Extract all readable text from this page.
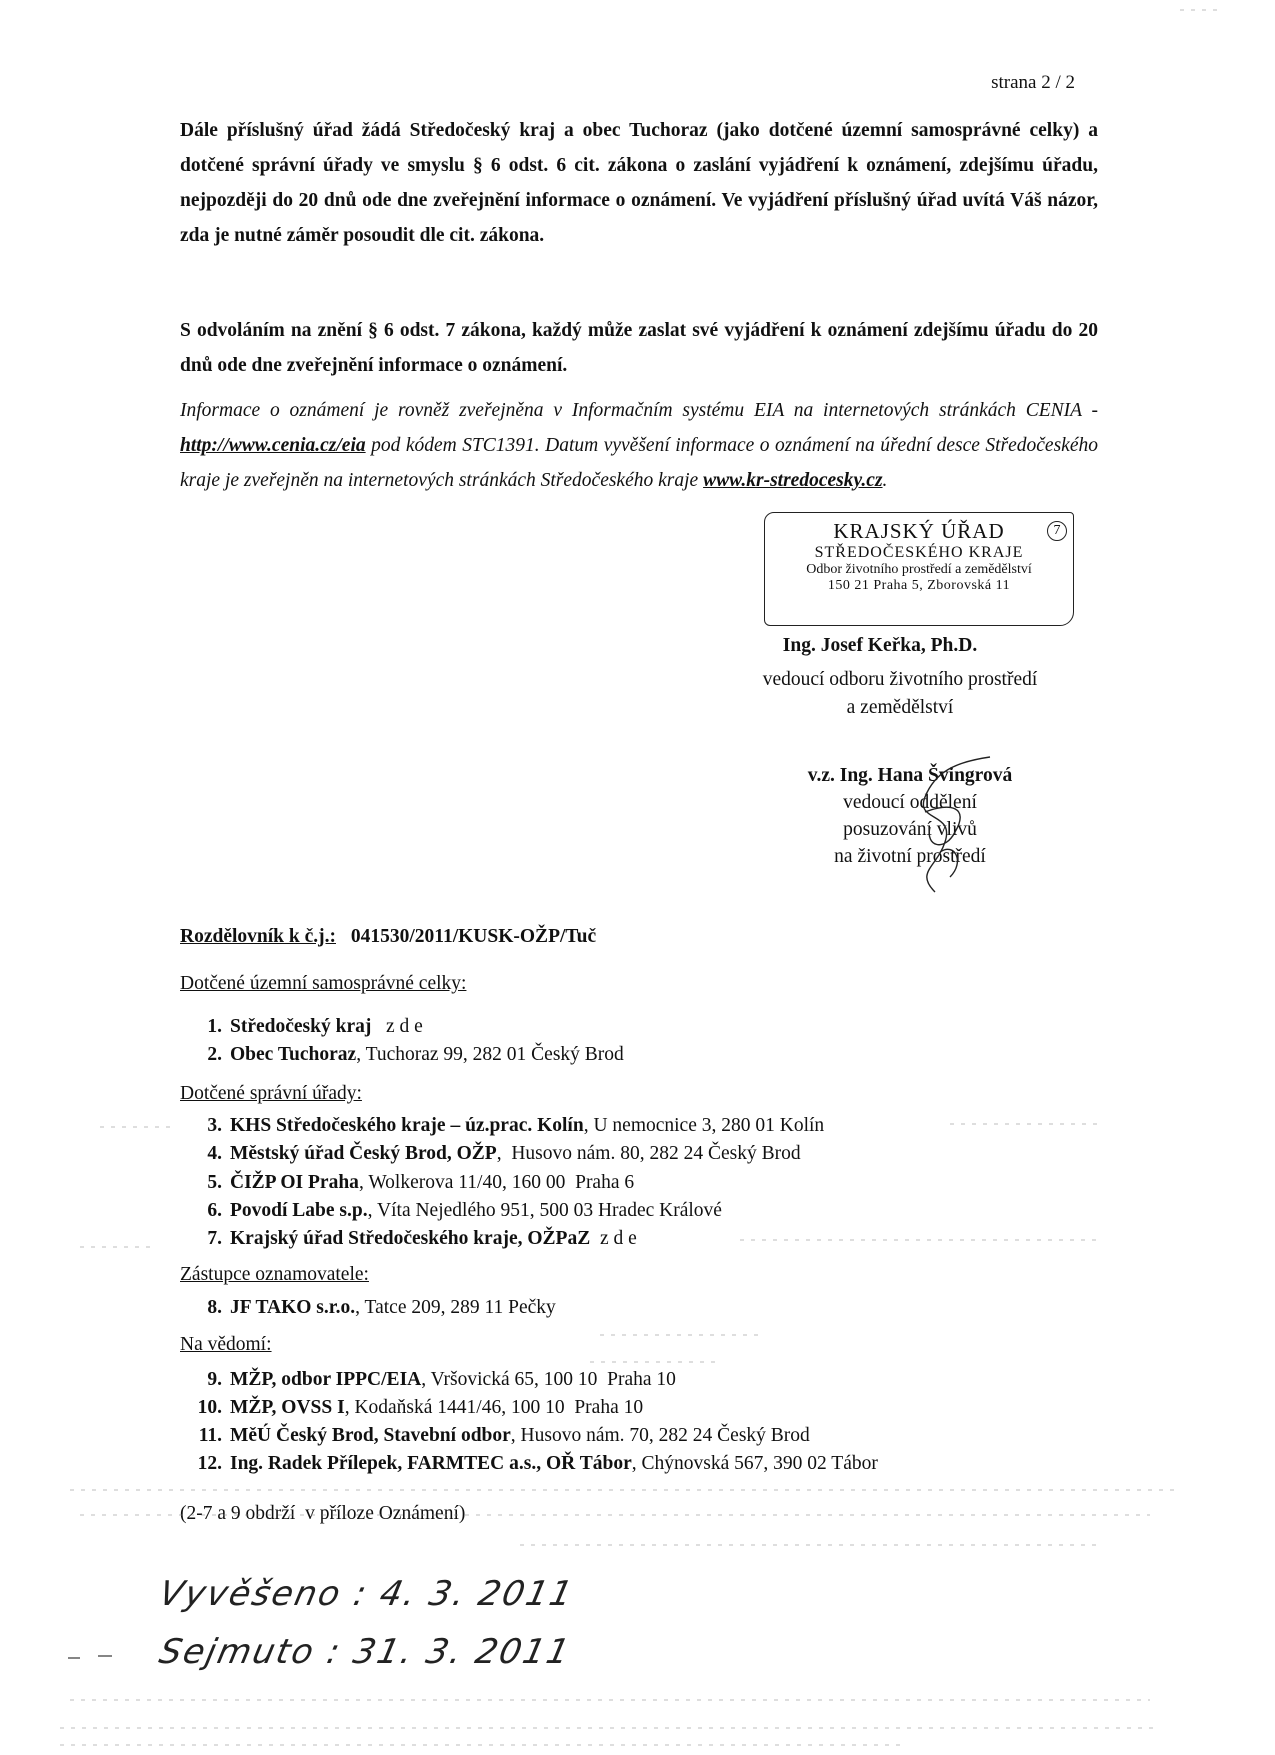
strana 2 / 2
Dále příslušný úřad žádá Středočeský kraj a obec Tuchoraz (jako dotčené územní samosprávné celky) a dotčené správní úřady ve smyslu § 6 odst. 6 cit. zákona o zaslání vyjádření k oznámení, zdejšímu úřadu, nejpozději do 20 dnů ode dne zveřejnění informace o oznámení. Ve vyjádření příslušný úřad uvítá Váš názor, zda je nutné záměr posoudit dle cit. zákona.
S odvoláním na znění § 6 odst. 7 zákona, každý může zaslat své vyjádření k oznámení zdejšímu úřadu do 20 dnů ode dne zveřejnění informace o oznámení.
Informace o oznámení je rovněž zveřejněna v Informačním systému EIA na internetových stránkách CENIA - http://www.cenia.cz/eia pod kódem STC1391. Datum vyvěšení informace o oznámení na úřední desce Středočeského kraje je zveřejněn na internetových stránkách Středočeského kraje www.kr-stredocesky.cz.
KRAJSKÝ ÚŘAD	7
STŘEDOČESKÉHO KRAJE
Odbor životního prostředí a zemědělství
150 21 Praha 5, Zborovská 11
Ing. Josef Keřka, Ph.D.
vedoucí odboru životního prostředí
a zemědělství
v.z. Ing. Hana Švingrová
vedoucí oddělení
posuzování vlivů
na životní prostředí
Rozdělovník k č.j.: 041530/2011/KUSK-OŽP/Tuč
Dotčené územní samosprávné celky:
1. Středočeský kraj   z d e
2. Obec Tuchoraz, Tuchoraz 99, 282 01 Český Brod
Dotčené správní úřady:
3. KHS Středočeského kraje – úz.prac. Kolín, U nemocnice 3, 280 01 Kolín
4. Městský úřad Český Brod, OŽP,  Husovo nám. 80, 282 24 Český Brod
5. ČIŽP OI Praha, Wolkerova 11/40, 160 00  Praha 6
6. Povodí Labe s.p., Víta Nejedlého 951, 500 03 Hradec Králové
7. Krajský úřad Středočeského kraje, OŽPaZ  z d e
Zástupce oznamovatele:
8. JF TAKO s.r.o., Tatce 209, 289 11 Pečky
Na vědomí:
9. MŽP, odbor IPPC/EIA, Vršovická 65, 100 10  Praha 10
10. MŽP, OVSS I, Kodaňská 1441/46, 100 10  Praha 10
11. MěÚ Český Brod, Stavební odbor, Husovo nám. 70, 282 24 Český Brod
12. Ing. Radek Přílepek, FARMTEC a.s., OŘ Tábor, Chýnovská 567, 390 02 Tábor
(2-7 a 9 obdrží  v příloze Oznámení)
Vyvěšeno : 4. 3. 2011
Sejmuto : 31. 3. 2011
